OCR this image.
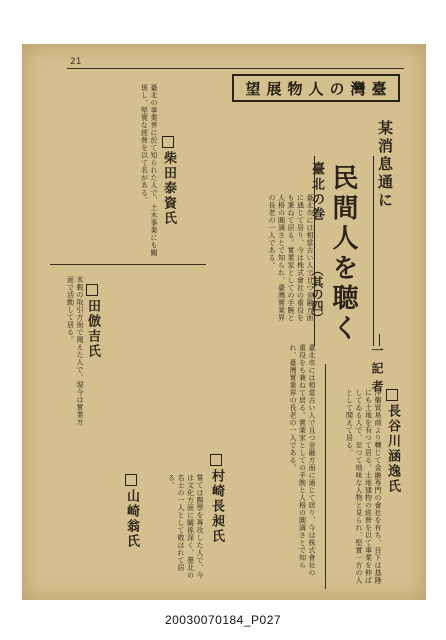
21
臺灣の人物展望
某消息通に
民間人を聴く
臺北の巻
（其の四）
一記者
長谷川涵逸氏
洋藥貿易商より轉じて金融専門の會社を有ち、目下は基隆にも土地を有つて居る。土地建物の經營を以て事業を伸ばしてゐる人で、至つて地味な人物と見られ、堅實一方の人として聞えて居る。
臺北市には相當古い人で且つ金融方面に通じて居り、今は株式會社の重役をも兼ねて居る。實業家としての手腕と人格の圓満さとで知られ、臺灣實業界の長老の一人である。
村崎長昶氏	臺北市には相當古い人で且つ金融方面に通じて居り、今は株式會社の重役をも兼ねて居る。實業家としての手腕と人格の圓満さとで知られ、臺灣實業界の長老の一人である。
山崎翁氏	嘗ては醫學を專攻した人で、今は文化方面に關係深く、臺北の名士の一人として敬はれて居る。
柴田泰資氏
臺北の事業界に於て知られた人で、土木事業にも關係し、堅實な經營を以て名がある。
田倣吉氏
米穀の取引方面で聞えた人で、現今は實業方面で活動して居る。
20030070184_P027
